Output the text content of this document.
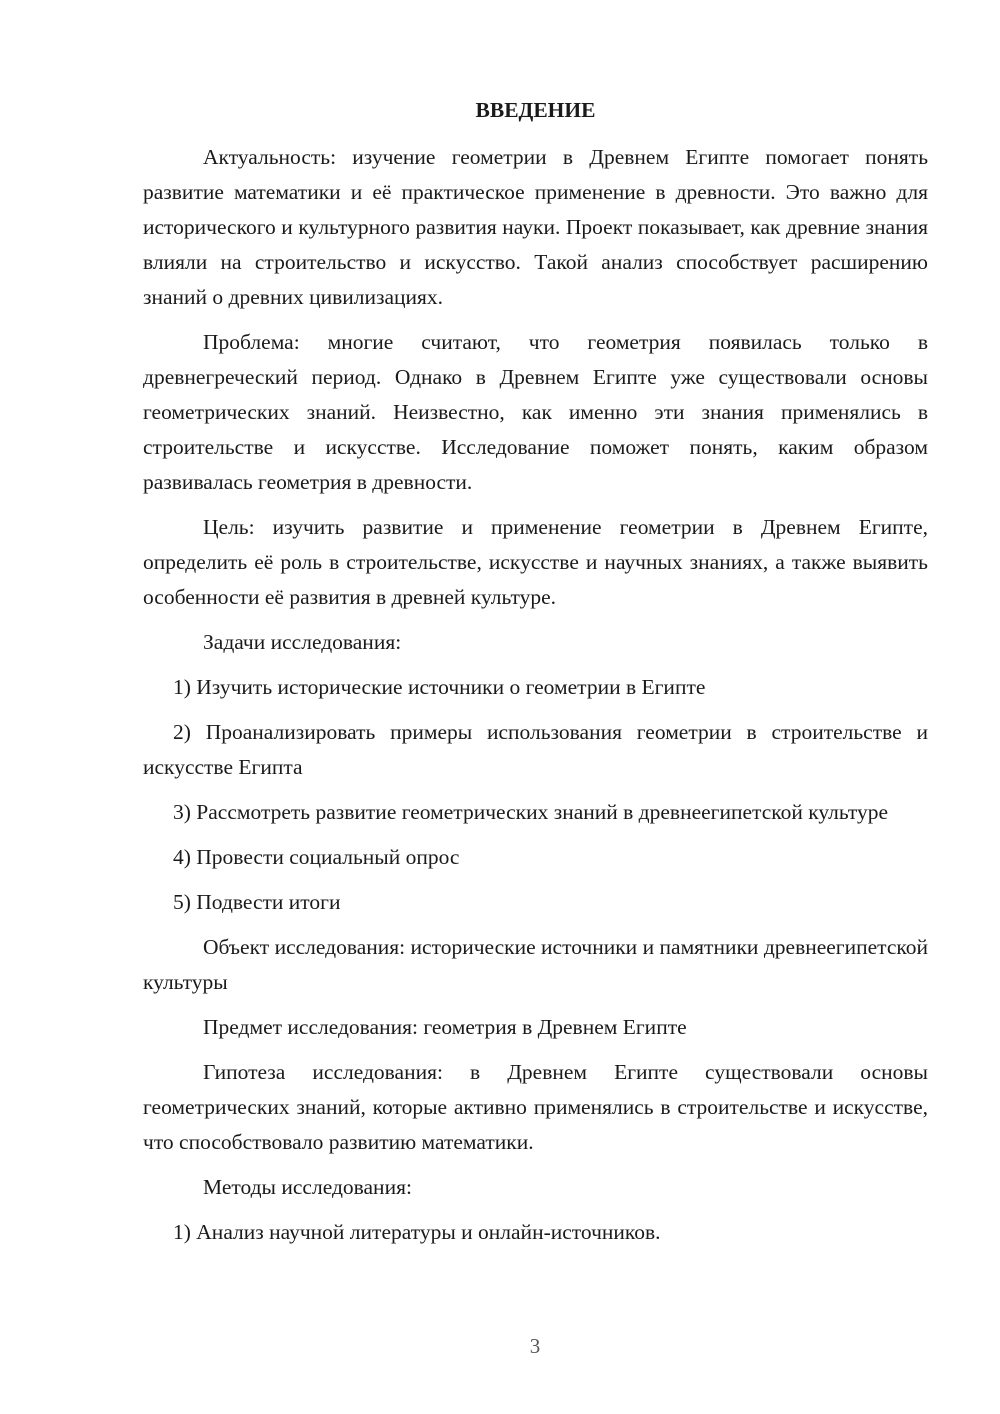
ВВЕДЕНИЕ

Актуальность: изучение геометрии в Древнем Египте помогает понять развитие математики и её практическое применение в древности. Это важно для исторического и культурного развития науки. Проект показывает, как древние знания влияли на строительство и искусство. Такой анализ способствует расширению знаний о древних цивилизациях.

Проблема: многие считают, что геометрия появилась только в древнегреческий период. Однако в Древнем Египте уже существовали основы геометрических знаний. Неизвестно, как именно эти знания применялись в строительстве и искусстве. Исследование поможет понять, каким образом развивалась геометрия в древности.

Цель: изучить развитие и применение геометрии в Древнем Египте, определить её роль в строительстве, искусстве и научных знаниях, а также выявить особенности её развития в древней культуре.

Задачи исследования:

1) Изучить исторические источники о геометрии в Египте

2) Проанализировать примеры использования геометрии в строительстве и искусстве Египта

3) Рассмотреть развитие геометрических знаний в древнеегипетской культуре

4) Провести социальный опрос

5) Подвести итоги

Объект исследования: исторические источники и памятники древнеегипетской культуры

Предмет исследования: геометрия в Древнем Египте

Гипотеза исследования: в Древнем Египте существовали основы геометрических знаний, которые активно применялись в строительстве и искусстве, что способствовало развитию математики.

Методы исследования:

1) Анализ научной литературы и онлайн-источников.

3
